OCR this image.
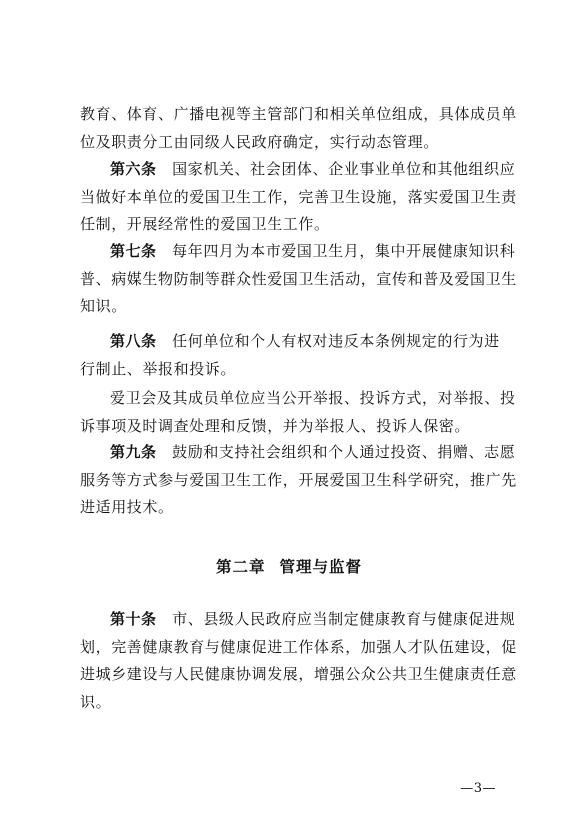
教育、体育、广播电视等主管部门和相关单位组成，具体成员单
位及职责分工由同级人民政府确定，实行动态管理。
第六条　 国家机关、社会团体、企业事业单位和其他组织应
当做好本单位的爱国卫生工作，完善卫生设施，落实爱国卫生责
任制，开展经常性的爱国卫生工作。
第七条　 每年四月为本市爱国卫生月，集中开展健康知识科
普、病媒生物防制等群众性爱国卫生活动，宣传和普及爱国卫生
知识。
第八条　 任何单位和个人有权对违反本条例规定的行为进
行制止、举报和投诉。
爱卫会及其成员单位应当公开举报、投诉方式，对举报、投
诉事项及时调查处理和反馈，并为举报人、投诉人保密。
第九条　 鼓励和支持社会组织和个人通过投资、捐赠、志愿
服务等方式参与爱国卫生工作，开展爱国卫生科学研究，推广先
进适用技术。
第二章 管理与监督
第十条　 市、县级人民政府应当制定健康教育与健康促进规
划，完善健康教育与健康促进工作体系，加强人才队伍建设，促
进城乡建设与人民健康协调发展，增强公众公共卫生健康责任意
识。
—3—
